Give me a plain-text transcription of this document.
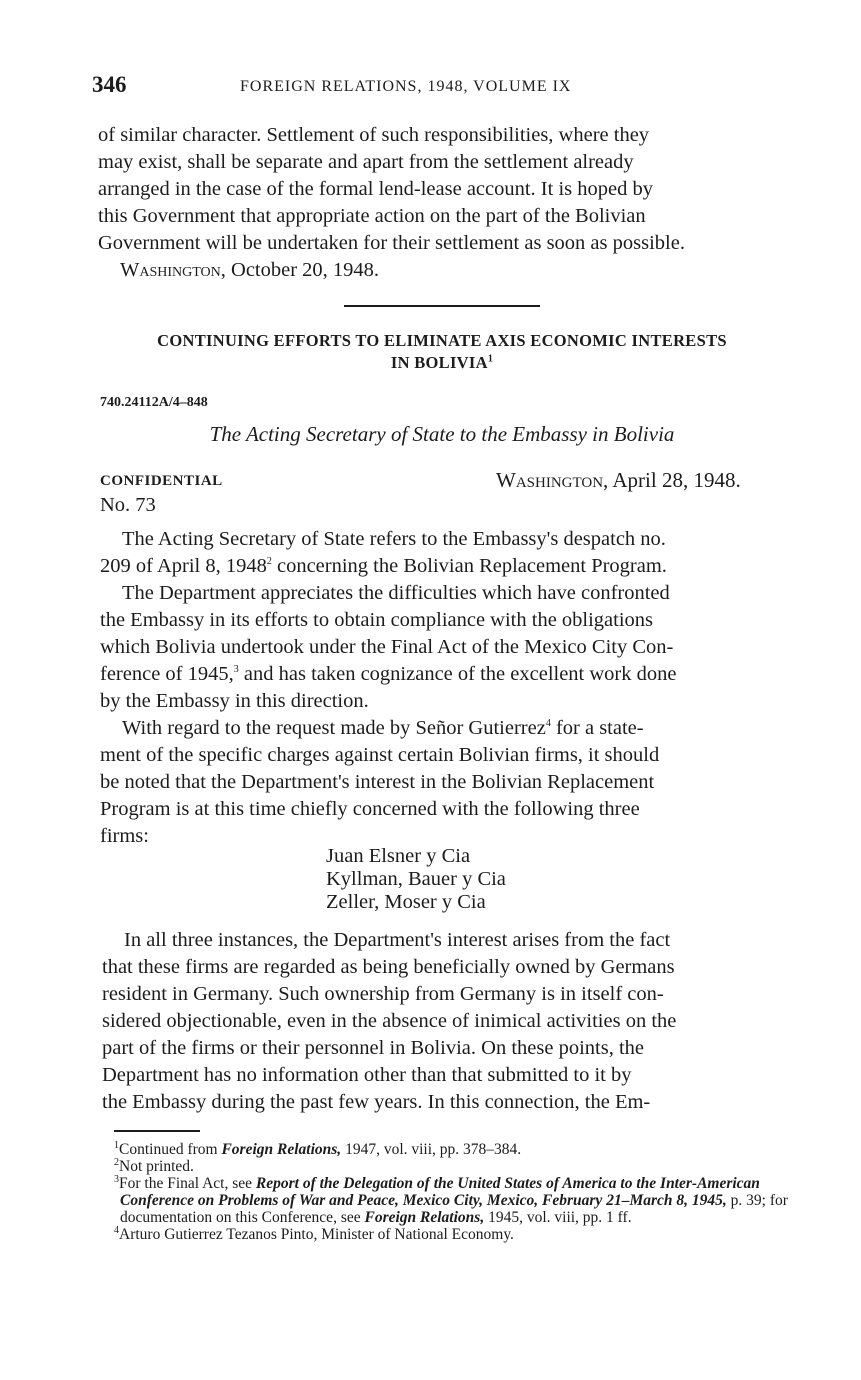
346	FOREIGN RELATIONS, 1948, VOLUME IX
of similar character. Settlement of such responsibilities, where they
may exist, shall be separate and apart from the settlement already
arranged in the case of the formal lend-lease account. It is hoped by
this Government that appropriate action on the part of the Bolivian
Government will be undertaken for their settlement as soon as possible.
Washington, October 20, 1948.
CONTINUING EFFORTS TO ELIMINATE AXIS ECONOMIC INTERESTS
IN BOLIVIA$^1$
740.24112A/4–848
The Acting Secretary of State to the Embassy in Bolivia
CONFIDENTIAL	Washington, April 28, 1948.
No. 73
The Acting Secretary of State refers to the Embassy's despatch no.
209 of April 8, 1948$^2$ concerning the Bolivian Replacement Program.
The Department appreciates the difficulties which have confronted
the Embassy in its efforts to obtain compliance with the obligations
which Bolivia undertook under the Final Act of the Mexico City Con-
ference of 1945,$^3$ and has taken cognizance of the excellent work done
by the Embassy in this direction.
With regard to the request made by Señor Gutierrez$^4$ for a state-
ment of the specific charges against certain Bolivian firms, it should
be noted that the Department's interest in the Bolivian Replacement
Program is at this time chiefly concerned with the following three
firms:
Juan Elsner y Cia
Kyllman, Bauer y Cia
Zeller, Moser y Cia
In all three instances, the Department's interest arises from the fact
that these firms are regarded as being beneficially owned by Germans
resident in Germany. Such ownership from Germany is in itself con-
sidered objectionable, even in the absence of inimical activities on the
part of the firms or their personnel in Bolivia. On these points, the
Department has no information other than that submitted to it by
the Embassy during the past few years. In this connection, the Em-

$^1$Continued from Foreign Relations, 1947, vol. viii, pp. 378–384.

$^2$Not printed.

$^3$For the Final Act, see Report of the Delegation of the United States of America to the Inter-American Conference on Problems of War and Peace, Mexico City, Mexico, February 21–March 8, 1945, p. 39; for documentation on this Conference, see Foreign Relations, 1945, vol. viii, pp. 1 ff.

$^4$Arturo Gutierrez Tezanos Pinto, Minister of National Economy.
